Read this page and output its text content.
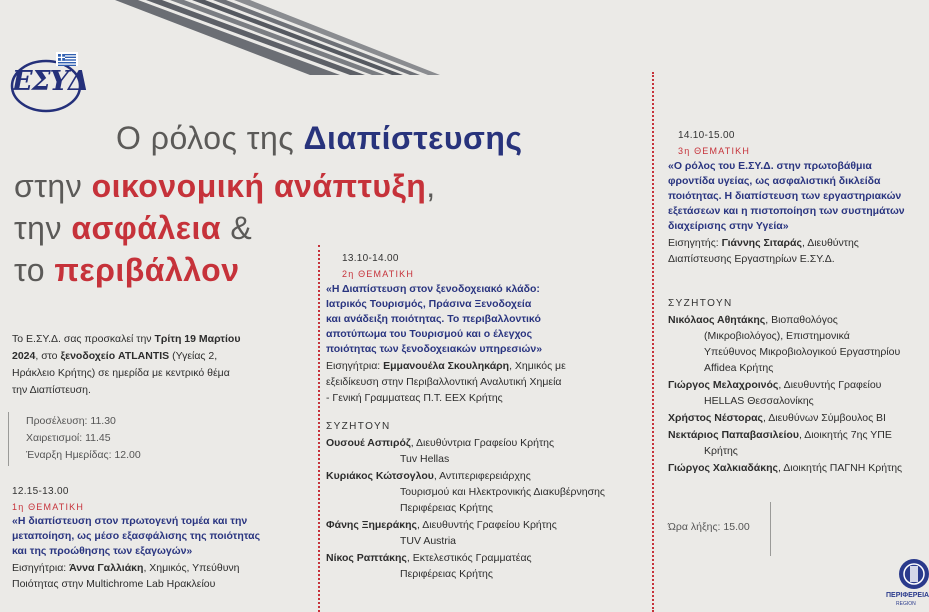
ΕΣΥΔ
Ο ρόλος της Διαπίστευσης
στην οικονομική ανάπτυξη,
την ασφάλεια &
το περιβάλλον
Το Ε.ΣΥ.Δ. σας προσκαλεί την Τρίτη 19 Μαρτίου
2024, στο ξενοδοχείο ATLANTIS (Υγείας 2,
Ηράκλειο Κρήτης) σε ημερίδα με κεντρικό θέμα
την Διαπίστευση.
Προσέλευση: 11.30
Χαιρετισμοί: 11.45
Έναρξη Ημερίδας: 12.00
12.15-13.00
1η ΘΕΜΑΤΙΚΗ
«Η διαπίστευση στον πρωτογενή τομέα και την
μεταποίηση, ως μέσο εξασφάλισης της ποιότητας
και της προώθησης των εξαγωγών»
Εισηγήτρια: Άννα Γαλλιάκη, Χημικός, Υπεύθυνη
Ποιότητας στην Multichrome Lab Ηρακλείου
13.10-14.00
2η ΘΕΜΑΤΙΚΗ
«Η Διαπίστευση στον ξενοδοχειακό κλάδο:
Ιατρικός Τουρισμός, Πράσινα Ξενοδοχεία
και ανάδειξη ποιότητας. Το περιβαλλοντικό
αποτύπωμα του Τουρισμού και ο έλεγχος
ποιότητας των ξενοδοχειακών υπηρεσιών»
Εισηγήτρια: Εμμανουέλα Σκουληκάρη, Χημικός με
εξειδίκευση στην Περιβαλλοντική Αναλυτική Χημεία
- Γενική Γραμματεας Π.Τ. ΕΕΧ Κρήτης
ΣΥΖΗΤΟΥΝ
Ουσουέ Ασπιρόζ, Διευθύντρια Γραφείου Κρήτης
Tuv Hellas
Κυριάκος Κώτσογλου, Αντιπεριφερειάρχης
Τουρισμού και Ηλεκτρονικής Διακυβέρνησης
Περιφέρειας Κρήτης
Φάνης Ξημεράκης, Διευθυντής Γραφείου Κρήτης
TUV Austria
Νίκος Ραπτάκης, Εκτελεστικός Γραμματέας
Περιφέρειας Κρήτης
14.10-15.00
3η ΘΕΜΑΤΙΚΗ
«Ο ρόλος του Ε.ΣΥ.Δ. στην πρωτοβάθμια
φροντίδα υγείας, ως ασφαλιστική δικλείδα
ποιότητας. Η διαπίστευση των εργαστηριακών
εξετάσεων και η πιστοποίηση των συστημάτων
διαχείρισης στην Υγεία»
Εισηγητής: Γιάννης Σιταράς, Διευθύντης
Διαπίστευσης Εργαστηρίων Ε.ΣΥ.Δ.
ΣΥΖΗΤΟΥΝ
Νικόλαος Αθητάκης, Βιοπαθολόγος
(Μικροβιολόγος), Επιστημονικά
Υπεύθυνος Μικροβιολογικού Εργαστηρίου
Affidea Κρήτης
Γιώργος Μελαχροινός, Διευθυντής Γραφείου
HELLAS Θεσσαλονίκης
Χρήστος Νέστορας, Διευθύνων Σύμβουλος ΒΙ
Νεκτάριος Παπαβασιλείου, Διοικητής 7ης ΥΠΕ
Κρήτης
Γιώργος Χαλκιαδάκης, Διοικητής ΠΑΓΝΗ Κρήτης
Ώρα λήξης: 15.00
ΠΕΡΙΦΕΡΕΙΑ
REGION
